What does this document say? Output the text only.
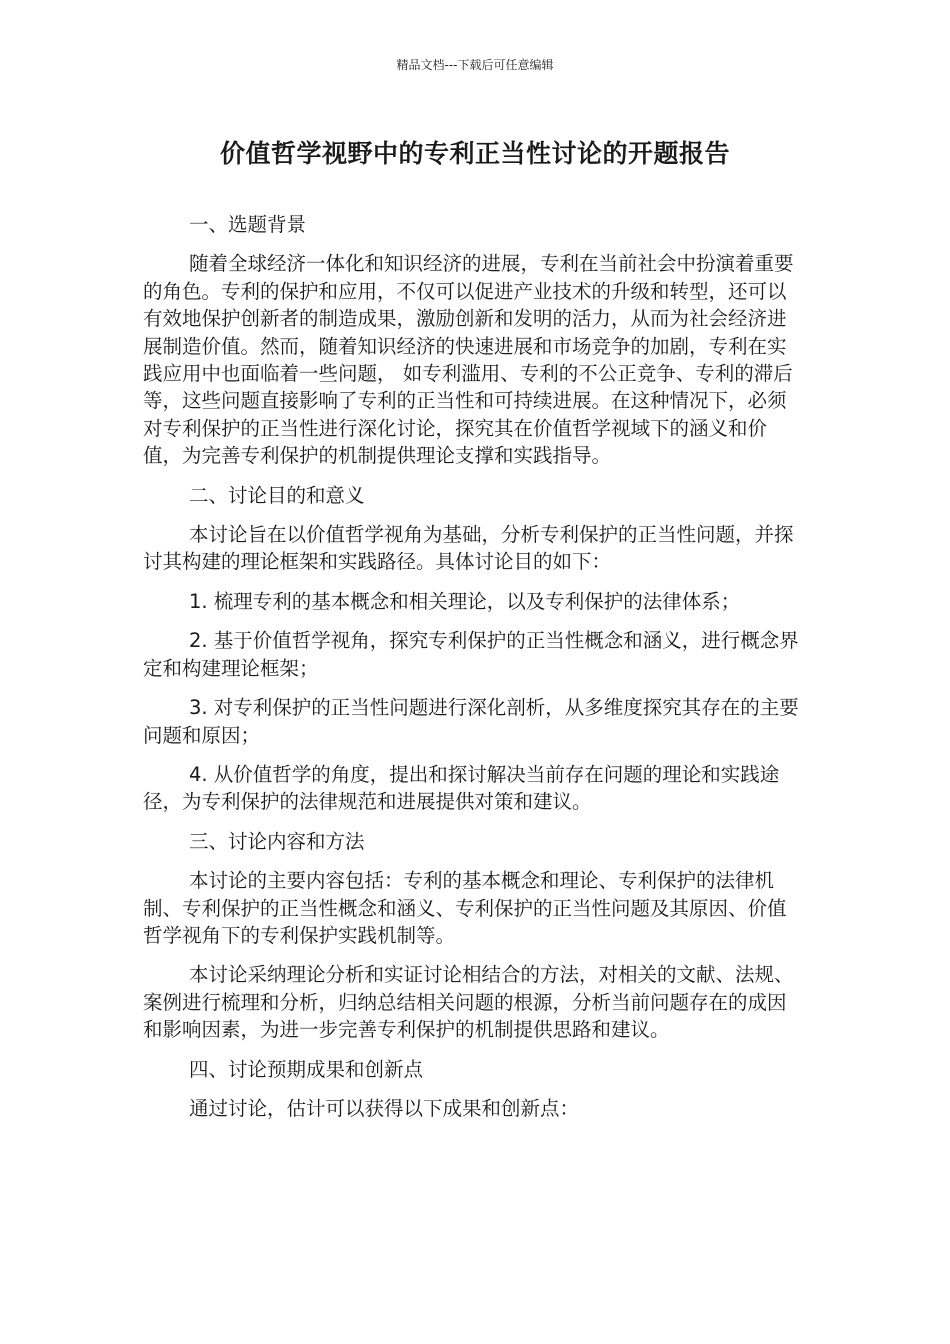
精品文档---下载后可任意编辑
价值哲学视野中的专利正当性讨论的开题报告

一、选题背景

随着全球经济一体化和知识经济的进展，专利在当前社会中扮演着重要的角色。专利的保护和应用，不仅可以促进产业技术的升级和转型，还可以有效地保护创新者的制造成果，激励创新和发明的活力，从而为社会经济进展制造价值。然而，随着知识经济的快速进展和市场竞争的加剧，专利在实践应用中也面临着一些问题， 如专利滥用、专利的不公正竞争、专利的滞后等，这些问题直接影响了专利的正当性和可持续进展。在这种情况下，必须对专利保护的正当性进行深化讨论，探究其在价值哲学视域下的涵义和价值，为完善专利保护的机制提供理论支撑和实践指导。

二、讨论目的和意义

本讨论旨在以价值哲学视角为基础，分析专利保护的正当性问题，并探讨其构建的理论框架和实践路径。具体讨论目的如下：

1. 梳理专利的基本概念和相关理论，以及专利保护的法律体系；

2. 基于价值哲学视角，探究专利保护的正当性概念和涵义，进行概念界定和构建理论框架；

3. 对专利保护的正当性问题进行深化剖析，从多维度探究其存在的主要问题和原因；

4. 从价值哲学的角度，提出和探讨解决当前存在问题的理论和实践途径，为专利保护的法律规范和进展提供对策和建议。

三、讨论内容和方法

本讨论的主要内容包括：专利的基本概念和理论、专利保护的法律机制、专利保护的正当性概念和涵义、专利保护的正当性问题及其原因、价值哲学视角下的专利保护实践机制等。

本讨论采纳理论分析和实证讨论相结合的方法，对相关的文献、法规、案例进行梳理和分析，归纳总结相关问题的根源，分析当前问题存在的成因和影响因素，为进一步完善专利保护的机制提供思路和建议。

四、讨论预期成果和创新点

通过讨论，估计可以获得以下成果和创新点：
